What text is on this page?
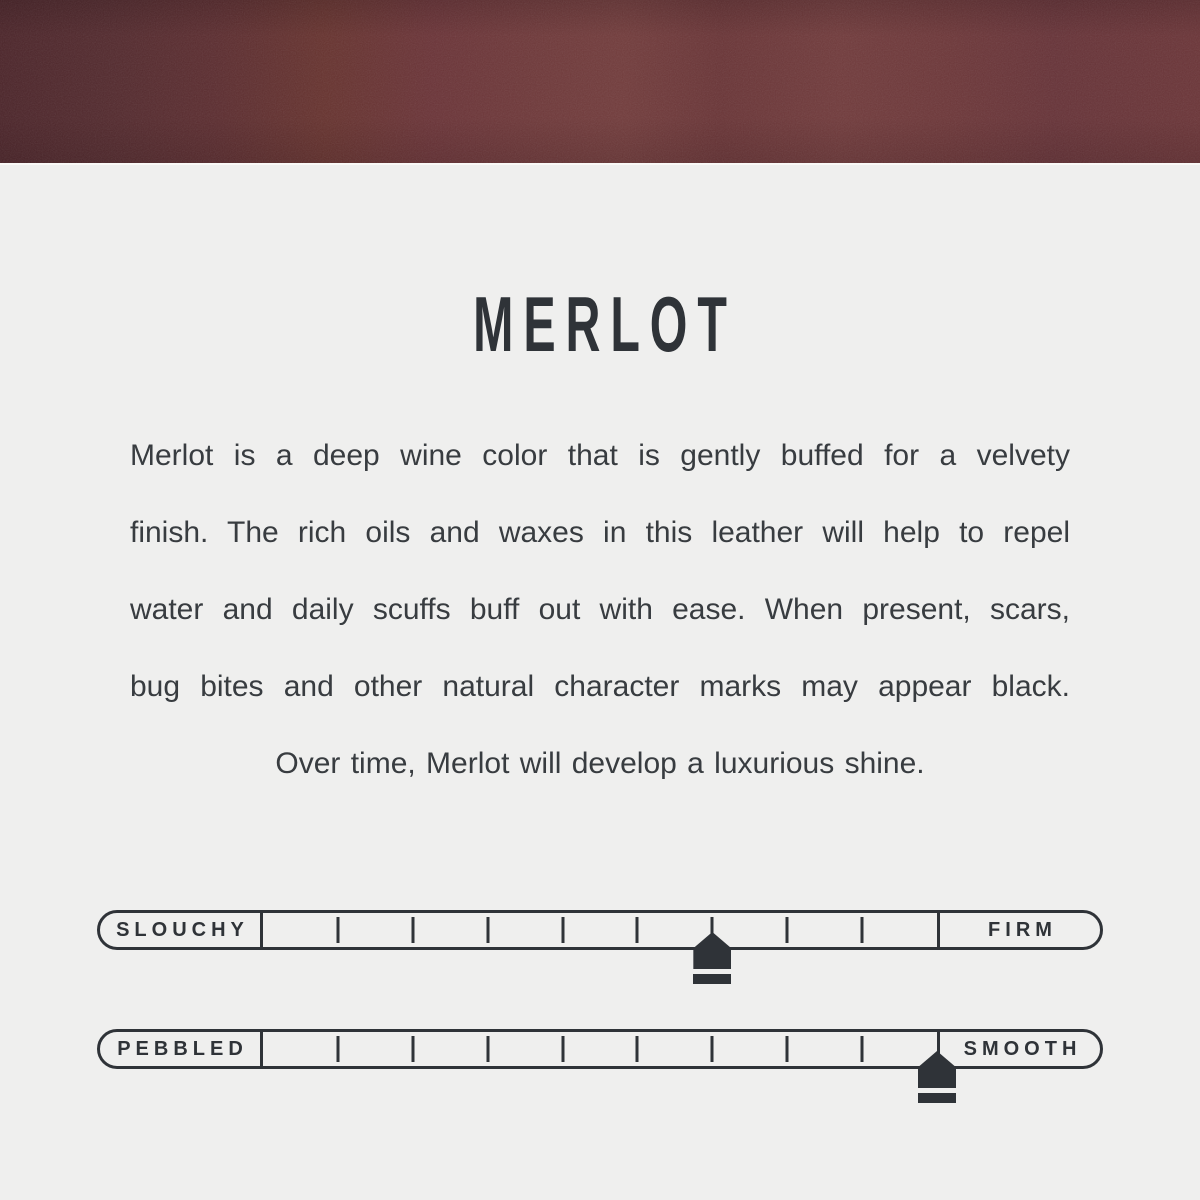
MERLOT
Merlot is a deep wine color that is gently buffed for a velvety
finish. The rich oils and waxes in this leather will help to repel
water and daily scuffs buff out with ease. When present, scars,
bug bites and other natural character marks may appear black.
Over time, Merlot will develop a luxurious shine.
SLOUCHY	FIRM
PEBBLED	SMOOTH
